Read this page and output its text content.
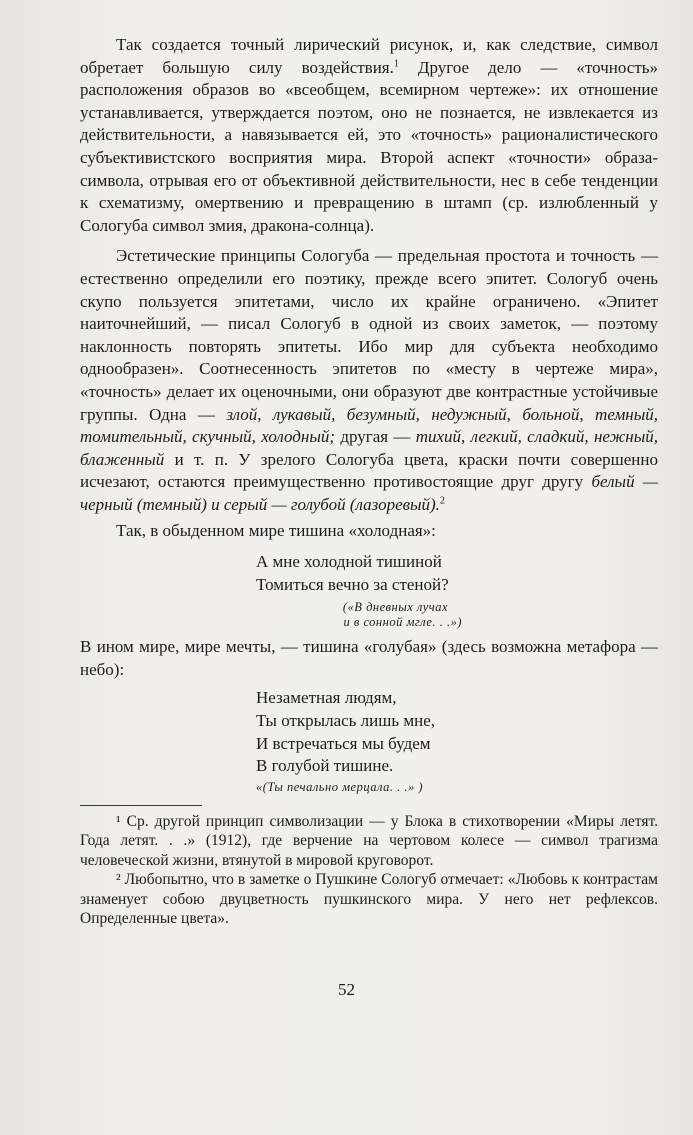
Так создается точный лирический рисунок, и, как следствие, символ обретает большую силу воздействия.$^1$ Другое дело — «точность» расположения образов во «всеобщем, всемирном чертеже»: их отношение устанавливается, утверждается поэтом, оно не познается, не извлекается из действительности, а навязывается ей, это «точность» рационалистического субъективистского восприятия мира. Второй аспект «точности» образа-символа, отрывая его от объективной действительности, нес в себе тенденции к схематизму, омертвению и превращению в штамп (ср. излюбленный у Сологуба символ змия, дракона-солнца).

Эстетические принципы Сологуба — предельная простота и точность — естественно определили его поэтику, прежде всего эпитет. Сологуб очень скупо пользуется эпитетами, число их крайне ограничено. «Эпитет наиточнейший, — писал Сологуб в одной из своих заметок, — поэтому наклонность повторять эпитеты. Ибо мир для субъекта необходимо однообразен». Соотнесенность эпитетов по «месту в чертеже мира», «точность» делает их оценочными, они образуют две контрастные устойчивые группы. Одна — злой, лукавый, безумный, недужный, больной, темный, томительный, скучный, холодный; другая — тихий, легкий, сладкий, нежный, блаженный и т. п. У зрелого Сологуба цвета, краски почти совершенно исчезают, остаются преимущественно противостоящие друг другу белый — черный (темный) и серый — голубой (лазоревый).$^2$

Так, в обыденном мире тишина «холодная»:

А мне холодной тишиной
Томиться вечно за стеной?
(«В дневных лучах
и в сонной мгле. . .»)

В ином мире, мире мечты, — тишина «голубая» (здесь возможна метафора — небо):

Незаметная людям,
Ты открылась лишь мне,
И встречаться мы будем
В голубой тишине.
«(Ты печально мерцала. . .» )

¹ Ср. другой принцип символизации — у Блока в стихотворении «Миры летят. Года летят. . .» (1912), где верчение на чертовом колесе — символ трагизма человеческой жизни, втянутой в мировой круговорот.

² Любопытно, что в заметке о Пушкине Сологуб отмечает: «Любовь к контрастам знаменует собою двуцветность пушкинского мира. У него нет рефлексов. Определенные цвета».

52
